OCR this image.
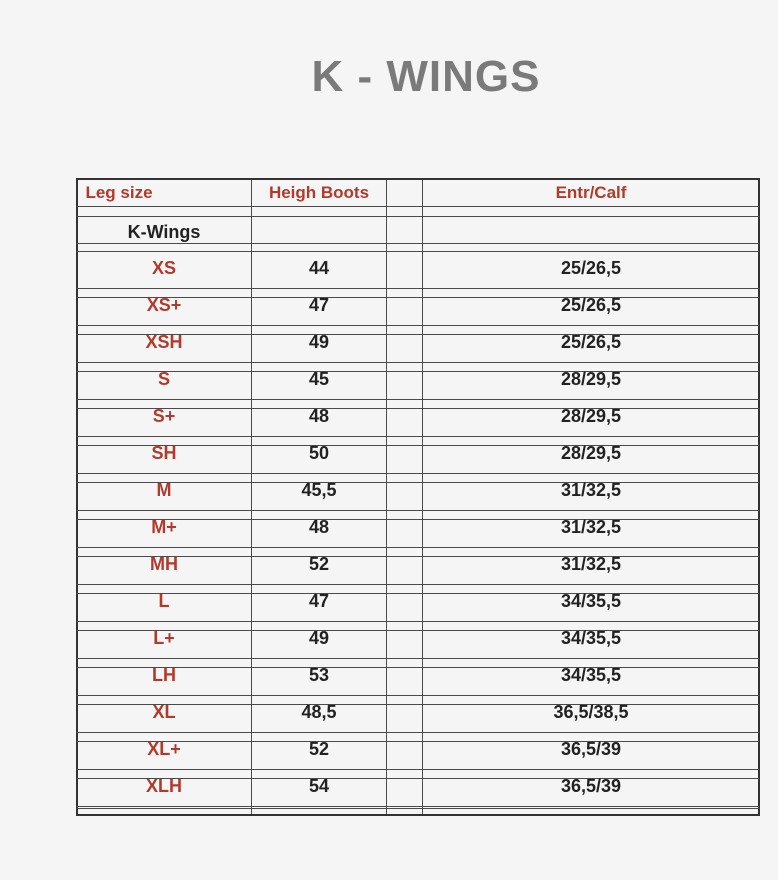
K - WINGS
Leg size	Heigh Boots	Entr/Calf
K-Wings
XS	44	25/26,5
XS+	47	25/26,5
XSH	49	25/26,5
S	45	28/29,5
S+	48	28/29,5
SH	50	28/29,5
M	45,5	31/32,5
M+	48	31/32,5
MH	52	31/32,5
L	47	34/35,5
L+	49	34/35,5
LH	53	34/35,5
XL	48,5	36,5/38,5
XL+	52	36,5/39
XLH	54	36,5/39
